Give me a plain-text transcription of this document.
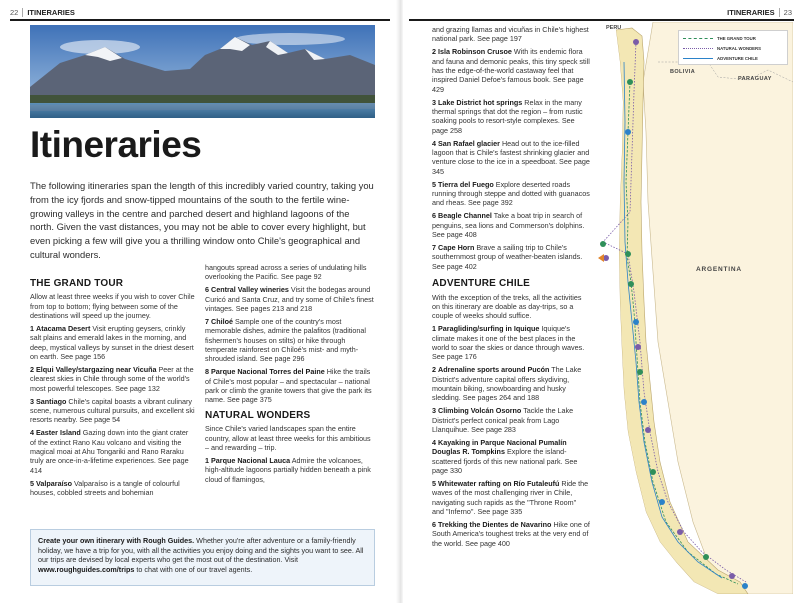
22 ITINERARIES
Itineraries
The following itineraries span the length of this incredibly varied country, taking you from the icy fjords and snow-tipped mountains of the south to the fertile wine-growing valleys in the centre and parched desert and highland lagoons of the north. Given the vast distances, you may not be able to cover every highlight, but even picking a few will give you a thrilling window onto Chile's geographical and cultural wonders.
THE GRAND TOUR

Allow at least three weeks if you wish to cover Chile from top to bottom; flying between some of the destinations will speed up the journey.

1 Atacama Desert Visit erupting geysers, crinkly salt plains and emerald lakes in the morning, and deep, mystical valleys by sunset in the driest desert on earth. See page 156

2 Elqui Valley/stargazing near Vicuña Peer at the clearest skies in Chile through some of the world's most powerful telescopes. See page 132

3 Santiago Chile's capital boasts a vibrant culinary scene, numerous cultural pursuits, and excellent ski resorts nearby. See page 54

4 Easter Island Gazing down into the giant crater of the extinct Rano Kau volcano and visiting the magical moai at Ahu Tongariki and Rano Raraku truly are once-in-a-lifetime experiences. See page 414

5 Valparaíso Valparaíso is a tangle of colourful houses, cobbled streets and bohemian

hangouts spread across a series of undulating hills overlooking the Pacific. See page 92

6 Central Valley wineries Visit the bodegas around Curicó and Santa Cruz, and try some of Chile's finest vintages. See pages 213 and 218

7 Chiloé Sample one of the country's most memorable dishes, admire the palafitos (traditional fishermen's houses on stilts) or hike through temperate rainforest on Chiloé's mist- and myth-shrouded island. See page 296

8 Parque Nacional Torres del Paine Hike the trails of Chile's most popular – and spectacular – national park or climb the granite towers that give the park its name. See page 375

NATURAL WONDERS

Since Chile's varied landscapes span the entire country, allow at least three weeks for this ambitious – and rewarding – trip.

1 Parque Nacional Lauca Admire the volcanoes, high-altitude lagoons partially hidden beneath a pink cloud of flamingos,

Create your own itinerary with Rough Guides. Whether you're after adventure or a family-friendly holiday, we have a trip for you, with all the activities you enjoy doing and the sights you want to see. All our trips are devised by local experts who get the most out of the destination. Visit www.roughguides.com/trips to chat with one of our travel agents.
ITINERARIES 23

and grazing llamas and vicuñas in Chile's highest national park. See page 197

2 Isla Robinson Crusoe With its endemic flora and fauna and demonic peaks, this tiny speck still has the edge-of-the-world castaway feel that inspired Daniel Defoe's famous book. See page 429

3 Lake District hot springs Relax in the many thermal springs that dot the region – from rustic soaking pools to resort-style complexes. See page 258

4 San Rafael glacier Head out to the ice-filled lagoon that is Chile's fastest shrinking glacier and venture close to the ice in a speedboat. See page 345

5 Tierra del Fuego Explore deserted roads running through steppe and dotted with guanacos and rheas. See page 392

6 Beagle Channel Take a boat trip in search of penguins, sea lions and Commerson's dolphins. See page 408

7 Cape Horn Brave a sailing trip to Chile's southernmost group of weather-beaten islands. See page 402

ADVENTURE CHILE

With the exception of the treks, all the activities on this itinerary are doable as day-trips, so a couple of weeks should suffice.

1 Paragliding/surfing in Iquique Iquique's climate makes it one of the best places in the world to soar the skies or dance through waves. See page 176

2 Adrenaline sports around Pucón The Lake District's adventure capital offers skydiving, mountain biking, snowboarding and husky sledding. See pages 264 and 188

3 Climbing Volcán Osorno Tackle the Lake District's perfect conical peak from Lago Llanquihue. See page 283

4 Kayaking in Parque Nacional Pumalín Douglas R. Tompkins Explore the island-scattered fjords of this new national park. See page 330

5 Whitewater rafting on Río Futaleufú Ride the waves of the most challenging river in Chile, navigating such rapids as the "Throne Room" and "Inferno". See page 335

6 Trekking the Dientes de Navarino Hike one of South America's toughest treks at the very end of the world. See page 400

PERU
BOLIVIA
PARAGUAY
ARGENTINA
THE GRAND TOUR
NATURAL WONDERS
ADVENTURE CHILE
